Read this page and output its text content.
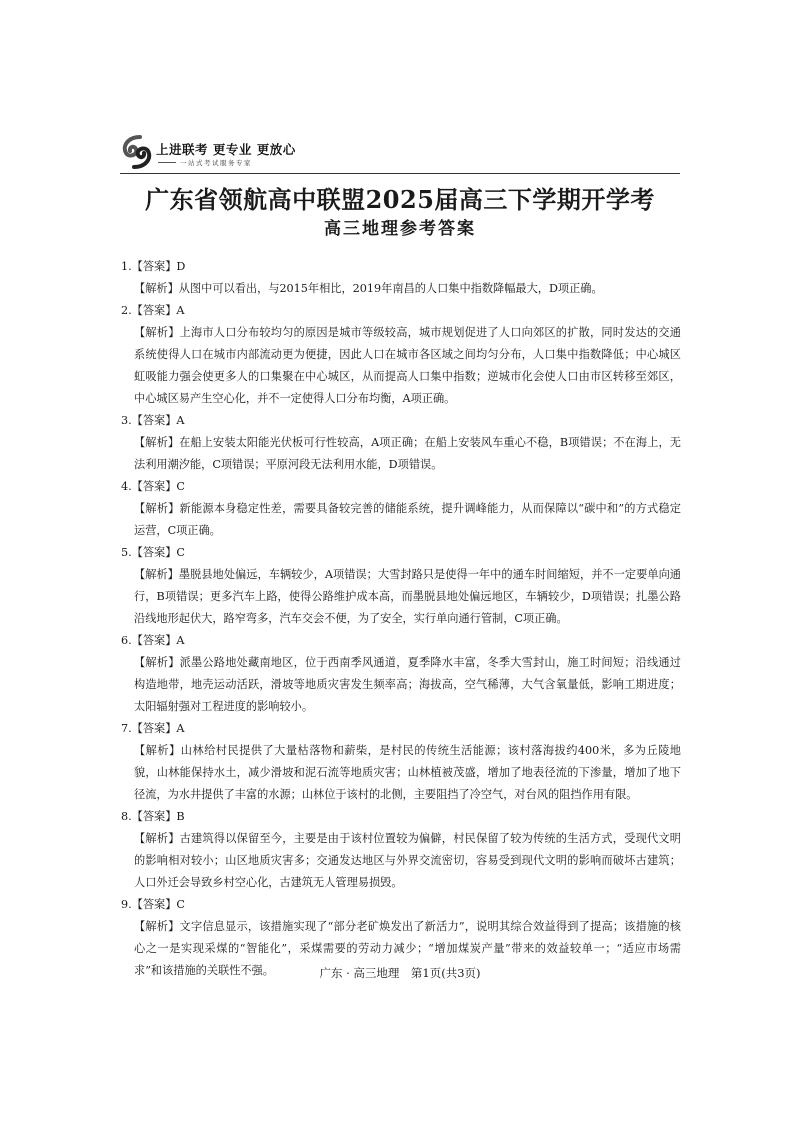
上进联考 更专业 更放心
一站式考试服务专家
广东省领航高中联盟2025届高三下学期开学考
高三地理参考答案

1.【答案】D

【解析】从图中可以看出，与2015年相比，2019年南昌的人口集中指数降幅最大，D项正确。

2.【答案】A

【解析】上海市人口分布较均匀的原因是城市等级较高，城市规划促进了人口向郊区的扩散，同时发达的交通系统使得人口在城市内部流动更为便捷，因此人口在城市各区域之间均匀分布，人口集中指数降低；中心城区虹吸能力强会使更多人的口集聚在中心城区，从而提高人口集中指数；逆城市化会使人口由市区转移至郊区，中心城区易产生空心化，并不一定使得人口分布均衡，A项正确。

3.【答案】A

【解析】在船上安装太阳能光伏板可行性较高，A项正确；在船上安装风车重心不稳，B项错误；不在海上，无法利用潮汐能，C项错误；平原河段无法利用水能，D项错误。

4.【答案】C

【解析】新能源本身稳定性差，需要具备较完善的储能系统，提升调峰能力，从而保障以“碳中和”的方式稳定运营，C项正确。

5.【答案】C

【解析】墨脱县地处偏远，车辆较少，A项错误；大雪封路只是使得一年中的通车时间缩短，并不一定要单向通行，B项错误；更多汽车上路，使得公路维护成本高，而墨脱县地处偏远地区，车辆较少，D项错误；扎墨公路沿线地形起伏大，路窄弯多，汽车交会不便，为了安全，实行单向通行管制，C项正确。

6.【答案】A

【解析】派墨公路地处藏南地区，位于西南季风通道，夏季降水丰富，冬季大雪封山，施工时间短；沿线通过构造地带，地壳运动活跃，滑坡等地质灾害发生频率高；海拔高，空气稀薄，大气含氧量低，影响工期进度；太阳辐射强对工程进度的影响较小。

7.【答案】A

【解析】山林给村民提供了大量枯落物和薪柴，是村民的传统生活能源；该村落海拔约400米，多为丘陵地貌，山林能保持水土，减少滑坡和泥石流等地质灾害；山林植被茂盛，增加了地表径流的下渗量，增加了地下径流，为水井提供了丰富的水源；山林位于该村的北侧，主要阻挡了冷空气，对台风的阻挡作用有限。

8.【答案】B

【解析】古建筑得以保留至今，主要是由于该村位置较为偏僻，村民保留了较为传统的生活方式，受现代文明的影响相对较小；山区地质灾害多；交通发达地区与外界交流密切，容易受到现代文明的影响而破坏古建筑；人口外迁会导致乡村空心化，古建筑无人管理易损毁。

9.【答案】C

【解析】文字信息显示，该措施实现了“部分老矿焕发出了新活力”，说明其综合效益得到了提高；该措施的核心之一是实现采煤的“智能化”，采煤需要的劳动力减少；“增加煤炭产量”带来的效益较单一；“适应市场需求”和该措施的关联性不强。	广东 · 高三地理　第1页(共3页)
